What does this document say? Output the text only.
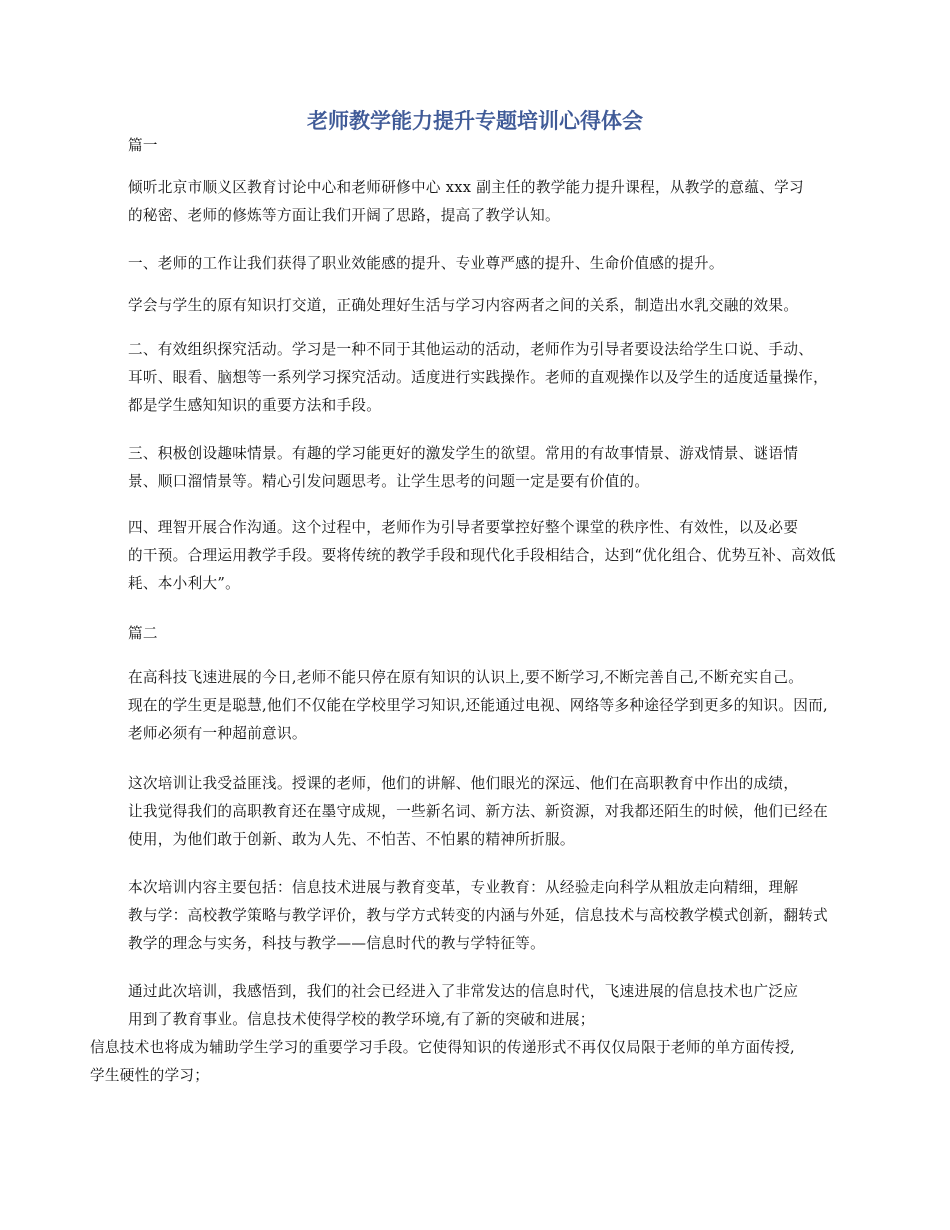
老师教学能力提升专题培训心得体会
篇一
倾听北京市顺义区教育讨论中心和老师研修中心 xxx 副主任的教学能力提升课程，从教学的意蕴、学习
的秘密、老师的修炼等方面让我们开阔了思路，提高了教学认知。
一、老师的工作让我们获得了职业效能感的提升、专业尊严感的提升、生命价值感的提升。
学会与学生的原有知识打交道，正确处理好生活与学习内容两者之间的关系，制造出水乳交融的效果。
二、有效组织探究活动。学习是一种不同于其他运动的活动，老师作为引导者要设法给学生口说、手动、
耳听、眼看、脑想等一系列学习探究活动。适度进行实践操作。老师的直观操作以及学生的适度适量操作，
都是学生感知知识的重要方法和手段。
三、积极创设趣味情景。有趣的学习能更好的激发学生的欲望。常用的有故事情景、游戏情景、谜语情
景、顺口溜情景等。精心引发问题思考。让学生思考的问题一定是要有价值的。
四、理智开展合作沟通。这个过程中，老师作为引导者要掌控好整个课堂的秩序性、有效性，以及必要
的干预。合理运用教学手段。要将传统的教学手段和现代化手段相结合，达到“优化组合、优势互补、高效低
耗、本小利大”。
篇二
在高科技飞速进展的今日,老师不能只停在原有知识的认识上,要不断学习,不断完善自己,不断充实自己。
现在的学生更是聪慧,他们不仅能在学校里学习知识,还能通过电视、网络等多种途径学到更多的知识。因而,
老师必须有一种超前意识。
这次培训让我受益匪浅。授课的老师，他们的讲解、他们眼光的深远、他们在高职教育中作出的成绩，
让我觉得我们的高职教育还在墨守成规，一些新名词、新方法、新资源，对我都还陌生的时候，他们已经在
使用，为他们敢于创新、敢为人先、不怕苦、不怕累的精神所折服。
本次培训内容主要包括：信息技术进展与教育变革，专业教育：从经验走向科学从粗放走向精细，理解
教与学：高校教学策略与教学评价，教与学方式转变的内涵与外延，信息技术与高校教学模式创新，翻转式
教学的理念与实务，科技与教学——信息时代的教与学特征等。
通过此次培训，我感悟到，我们的社会已经进入了非常发达的信息时代，飞速进展的信息技术也广泛应
用到了教育事业。信息技术使得学校的教学环境,有了新的突破和进展；
信息技术也将成为辅助学生学习的重要学习手段。它使得知识的传递形式不再仅仅局限于老师的单方面传授,
学生硬性的学习；
